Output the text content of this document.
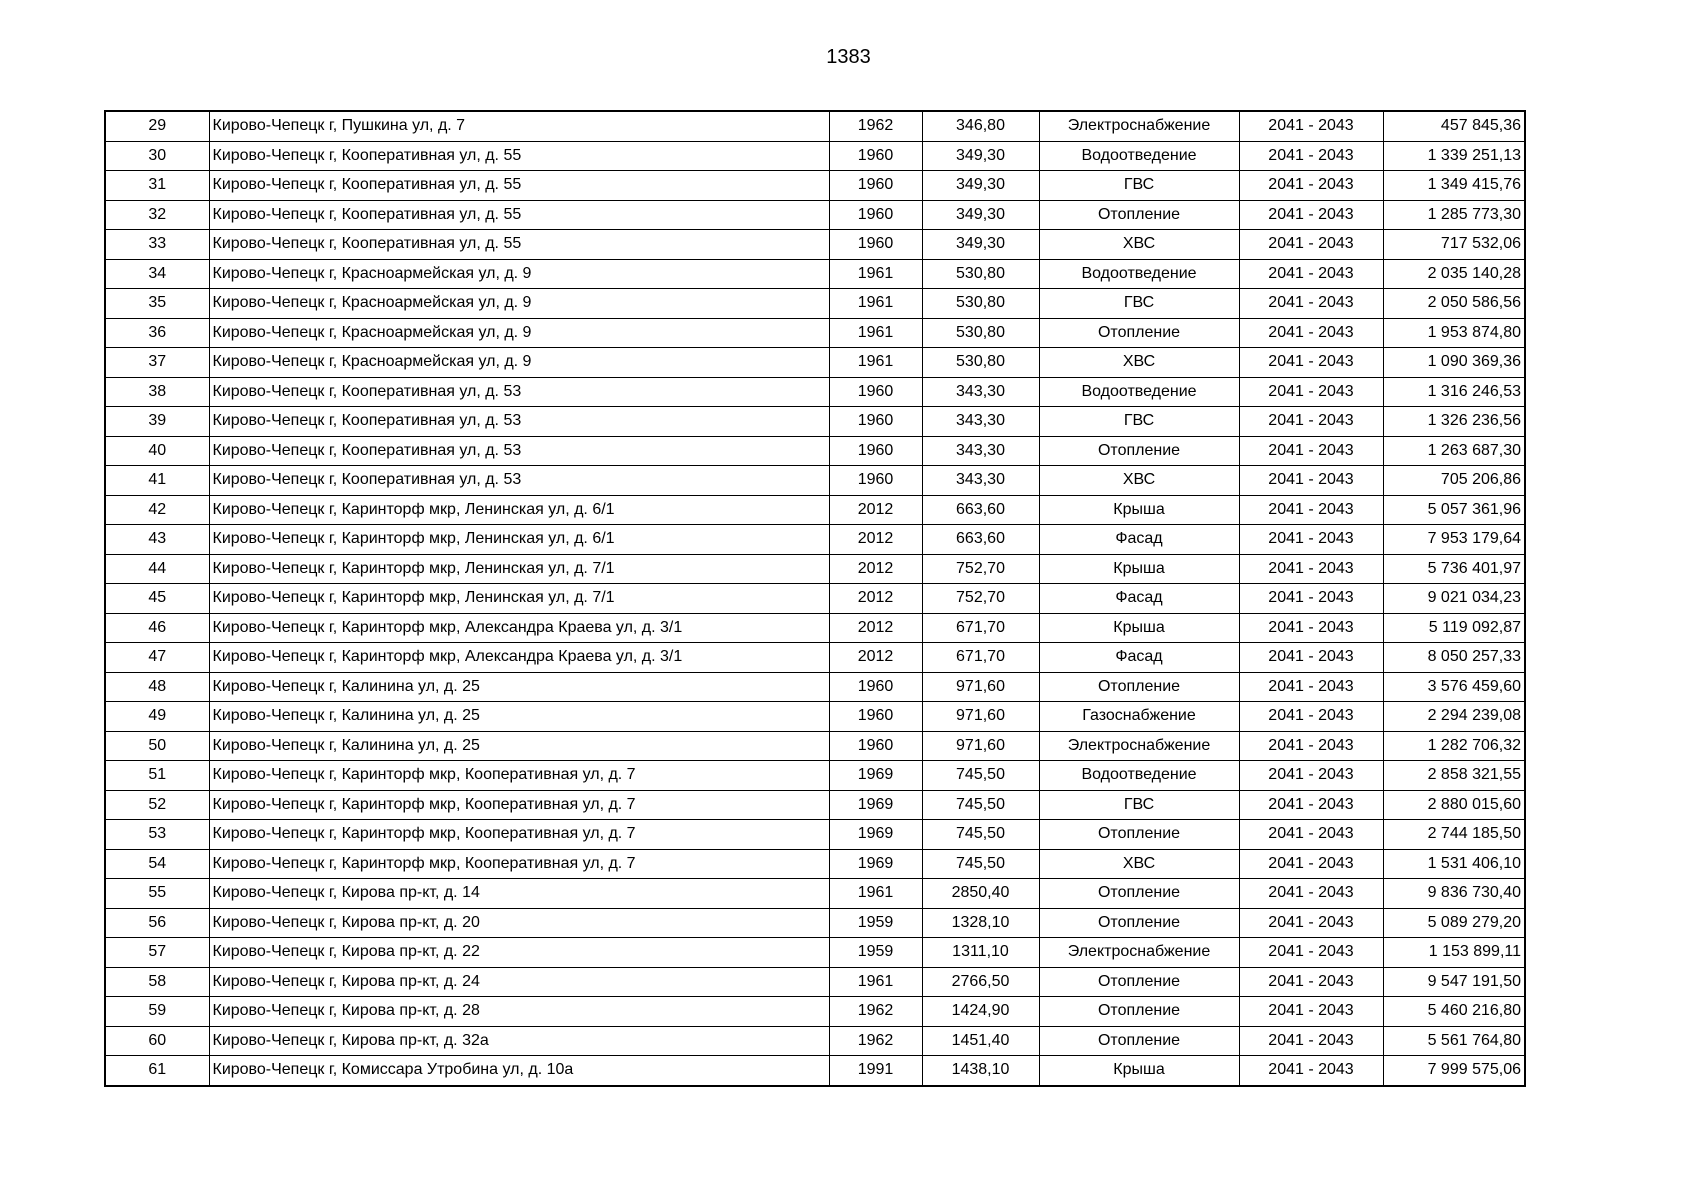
1383
29	Кирово-Чепецк г, Пушкина ул, д. 7	1962	346,80	Электроснабжение	2041 - 2043	457 845,36
30	Кирово-Чепецк г, Кооперативная ул, д. 55	1960	349,30	Водоотведение	2041 - 2043	1 339 251,13
31	Кирово-Чепецк г, Кооперативная ул, д. 55	1960	349,30	ГВС	2041 - 2043	1 349 415,76
32	Кирово-Чепецк г, Кооперативная ул, д. 55	1960	349,30	Отопление	2041 - 2043	1 285 773,30
33	Кирово-Чепецк г, Кооперативная ул, д. 55	1960	349,30	ХВС	2041 - 2043	717 532,06
34	Кирово-Чепецк г, Красноармейская ул, д. 9	1961	530,80	Водоотведение	2041 - 2043	2 035 140,28
35	Кирово-Чепецк г, Красноармейская ул, д. 9	1961	530,80	ГВС	2041 - 2043	2 050 586,56
36	Кирово-Чепецк г, Красноармейская ул, д. 9	1961	530,80	Отопление	2041 - 2043	1 953 874,80
37	Кирово-Чепецк г, Красноармейская ул, д. 9	1961	530,80	ХВС	2041 - 2043	1 090 369,36
38	Кирово-Чепецк г, Кооперативная ул, д. 53	1960	343,30	Водоотведение	2041 - 2043	1 316 246,53
39	Кирово-Чепецк г, Кооперативная ул, д. 53	1960	343,30	ГВС	2041 - 2043	1 326 236,56
40	Кирово-Чепецк г, Кооперативная ул, д. 53	1960	343,30	Отопление	2041 - 2043	1 263 687,30
41	Кирово-Чепецк г, Кооперативная ул, д. 53	1960	343,30	ХВС	2041 - 2043	705 206,86
42	Кирово-Чепецк г, Каринторф мкр, Ленинская ул, д. 6/1	2012	663,60	Крыша	2041 - 2043	5 057 361,96
43	Кирово-Чепецк г, Каринторф мкр, Ленинская ул, д. 6/1	2012	663,60	Фасад	2041 - 2043	7 953 179,64
44	Кирово-Чепецк г, Каринторф мкр, Ленинская ул, д. 7/1	2012	752,70	Крыша	2041 - 2043	5 736 401,97
45	Кирово-Чепецк г, Каринторф мкр, Ленинская ул, д. 7/1	2012	752,70	Фасад	2041 - 2043	9 021 034,23
46	Кирово-Чепецк г, Каринторф мкр, Александра Краева ул, д. 3/1	2012	671,70	Крыша	2041 - 2043	5 119 092,87
47	Кирово-Чепецк г, Каринторф мкр, Александра Краева ул, д. 3/1	2012	671,70	Фасад	2041 - 2043	8 050 257,33
48	Кирово-Чепецк г, Калинина ул, д. 25	1960	971,60	Отопление	2041 - 2043	3 576 459,60
49	Кирово-Чепецк г, Калинина ул, д. 25	1960	971,60	Газоснабжение	2041 - 2043	2 294 239,08
50	Кирово-Чепецк г, Калинина ул, д. 25	1960	971,60	Электроснабжение	2041 - 2043	1 282 706,32
51	Кирово-Чепецк г, Каринторф мкр, Кооперативная ул, д. 7	1969	745,50	Водоотведение	2041 - 2043	2 858 321,55
52	Кирово-Чепецк г, Каринторф мкр, Кооперативная ул, д. 7	1969	745,50	ГВС	2041 - 2043	2 880 015,60
53	Кирово-Чепецк г, Каринторф мкр, Кооперативная ул, д. 7	1969	745,50	Отопление	2041 - 2043	2 744 185,50
54	Кирово-Чепецк г, Каринторф мкр, Кооперативная ул, д. 7	1969	745,50	ХВС	2041 - 2043	1 531 406,10
55	Кирово-Чепецк г, Кирова пр-кт, д. 14	1961	2850,40	Отопление	2041 - 2043	9 836 730,40
56	Кирово-Чепецк г, Кирова пр-кт, д. 20	1959	1328,10	Отопление	2041 - 2043	5 089 279,20
57	Кирово-Чепецк г, Кирова пр-кт, д. 22	1959	1311,10	Электроснабжение	2041 - 2043	1 153 899,11
58	Кирово-Чепецк г, Кирова пр-кт, д. 24	1961	2766,50	Отопление	2041 - 2043	9 547 191,50
59	Кирово-Чепецк г, Кирова пр-кт, д. 28	1962	1424,90	Отопление	2041 - 2043	5 460 216,80
60	Кирово-Чепецк г, Кирова пр-кт, д. 32а	1962	1451,40	Отопление	2041 - 2043	5 561 764,80
61	Кирово-Чепецк г, Комиссара Утробина ул, д. 10а	1991	1438,10	Крыша	2041 - 2043	7 999 575,06
